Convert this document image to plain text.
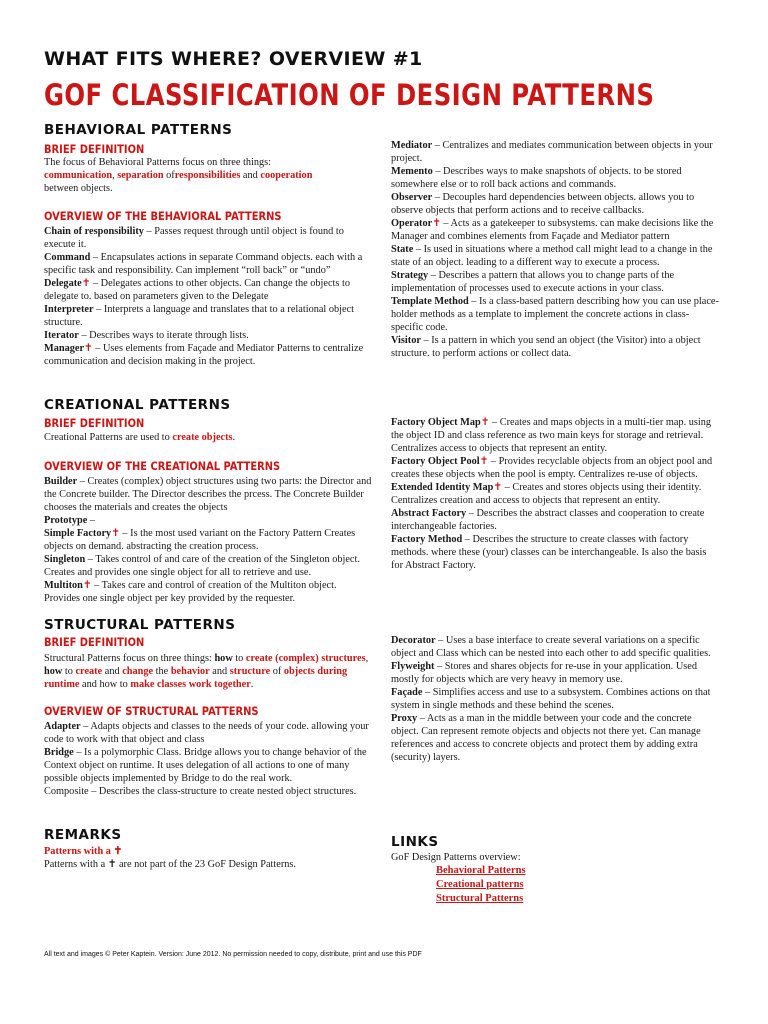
WHAT FITS WHERE? OVERVIEW #1
GOF CLASSIFICATION OF DESIGN PATTERNS
BEHAVIORAL PATTERNS
BRIEF DEFINITION

The focus of Behavioral Patterns focus on three things:
communication, separation ofresponsibilities and cooperation
between objects.

OVERVIEW OF THE BEHAVIORAL PATTERNS

Chain of responsibility – Passes request through until object is found to execute it.

Command – Encapsulates actions in separate Command objects. each with a specific task and responsibility. Can implement “roll back” or “undo”

Delegate✝ – Delegates actions to other objects. Can change the objects to delegate to. based on parameters given to the Delegate

Interpreter – Interprets a language and translates that to a relational object structure.

Iterator – Describes ways to iterate through lists.

Manager✝ – Uses elements from Façade and Mediator Patterns to centralize communication and decision making in the project.

Mediator – Centralizes and mediates communication between objects in your project.

Memento – Describes ways to make snapshots of objects. to be stored somewhere else or to roll back actions and commands.

Observer – Decouples hard dependencies between objects. allows you to observe objects that perform actions and to receive callbacks.

Operator✝ – Acts as a gatekeeper to subsystems. can make decisions like the Manager and combines elements from Façade and Mediator pattern

State – Is used in situations where a method call might lead to a change in the state of an object. leading to a different way to execute a process.

Strategy – Describes a pattern that allows you to change parts of the implementation of processes used to execute actions in your class.

Template Method – Is a class-based pattern describing how you can use place-holder methods as a template to implement the concrete actions in class-specific code.

Visitor – Is a pattern in which you send an object (the Visitor) into a object structure. to perform actions or collect data.

CREATIONAL PATTERNS
BRIEF DEFINITION

Creational Patterns are used to create objects.

OVERVIEW OF THE CREATIONAL PATTERNS

Builder – Creates (complex) object structures using two parts: the Director and the Concrete builder. The Director describes the prcess. The Concrete Builder chooses the materials and creates the objects

Prototype –

Simple Factory✝ – Is the most used variant on the Factory Pattern Creates objects on demand. abstracting the creation process.

Singleton – Takes control of and care of the creation of the Singleton object. Creates and provides one single object for all to retrieve and use.

Multiton✝ – Takes care and control of creation of the Multiton object. Provides one single object per key provided by the requester.

Factory Object Map✝ – Creates and maps objects in a multi-tier map. using the object ID and class reference as two main keys for storage and retrieval. Centralizes access to objects that represent an entity.

Factory Object Pool✝ – Provides recyclable objects from an object pool and creates these objects when the pool is empty. Centralizes re-use of objects.

Extended Identity Map✝ – Creates and stores objects using their identity. Centralizes creation and access to objects that represent an entity.

Abstract Factory – Describes the abstract classes and cooperation to create interchangeable factories.

Factory Method – Describes the structure to create classes with factory methods. where these (your) classes can be interchangeable. Is also the basis for Abstract Factory.

STRUCTURAL PATTERNS
BRIEF DEFINITION

Structural Patterns focus on three things: how to create (complex) structures, how to create and change the behavior and structure of objects during runtime and how to make classes work together.

OVERVIEW OF STRUCTURAL PATTERNS

Adapter – Adapts objects and classes to the needs of your code. allowing your code to work with that object and class

Bridge – Is a polymorphic Class. Bridge allows you to change behavior of the Context object on runtime. It uses delegation of all actions to one of many possible objects implemented by Bridge to do the real work.

Composite – Describes the class-structure to create nested object structures.

Decorator – Uses a base interface to create several variations on a specific object and Class which can be nested into each other to add specific qualities.

Flyweight – Stores and shares objects for re-use in your application. Used mostly for objects which are very heavy in memory use.

Façade – Simplifies access and use to a subsystem. Combines actions on that system in single methods and these behind the scenes.

Proxy – Acts as a man in the middle between your code and the concrete object. Can represent remote objects and objects not there yet. Can manage references and access to concrete objects and protect them by adding extra (security) layers.

REMARKS

Patterns with a ✝

Patterns with a ✝ are not part of the 23 GoF Design Patterns.

LINKS
GoF Design Patterns overview:
Behavioral Patterns
Creational patterns
Structural Patterns

All text and images © Peter Kaptein. Version: June 2012. No permission needed to copy, distribute, print and use this PDF
